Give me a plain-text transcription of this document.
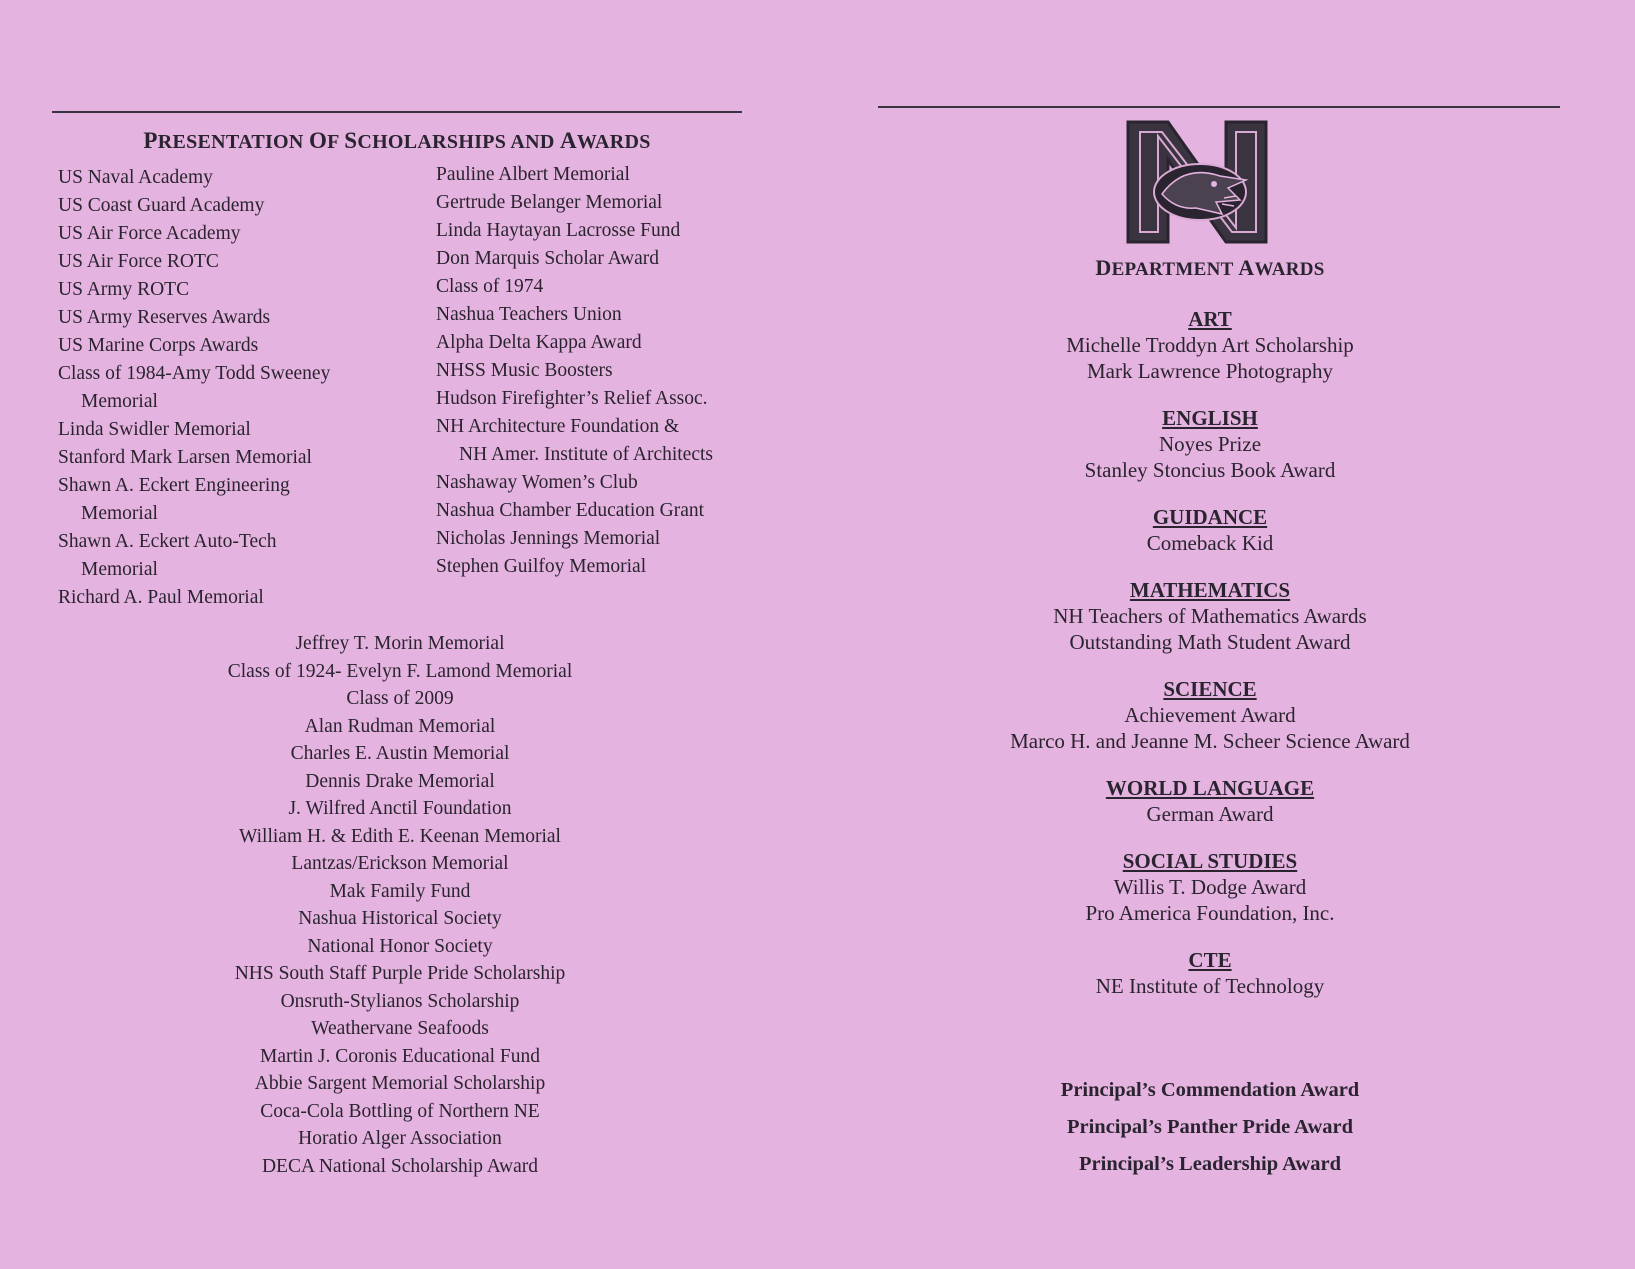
PRESENTATION OF SCHOLARSHIPS AND AWARDS
US Naval Academy
US Coast Guard Academy
US Air Force Academy
US Air Force ROTC
US Army ROTC
US Army Reserves Awards
US Marine Corps Awards
Class of 1984-Amy Todd Sweeney
Memorial
Linda Swidler Memorial
Stanford Mark Larsen Memorial
Shawn A. Eckert Engineering
Memorial
Shawn A. Eckert Auto-Tech
Memorial
Richard A. Paul Memorial
Pauline Albert Memorial
Gertrude Belanger Memorial
Linda Haytayan Lacrosse Fund
Don Marquis Scholar Award
Class of 1974
Nashua Teachers Union
Alpha Delta Kappa Award
NHSS Music Boosters
Hudson Firefighter’s Relief Assoc.
NH Architecture Foundation &
NH Amer. Institute of Architects
Nashaway Women’s Club
Nashua Chamber Education Grant
Nicholas Jennings Memorial
Stephen Guilfoy Memorial
Jeffrey T. Morin Memorial
Class of 1924- Evelyn F. Lamond Memorial
Class of 2009
Alan Rudman Memorial
Charles E. Austin Memorial
Dennis Drake Memorial
J. Wilfred Anctil Foundation
William H. & Edith E. Keenan Memorial
Lantzas/Erickson Memorial
Mak Family Fund
Nashua Historical Society
National Honor Society
NHS South Staff Purple Pride Scholarship
Onsruth-Stylianos Scholarship
Weathervane Seafoods
Martin J. Coronis Educational Fund
Abbie Sargent Memorial Scholarship
Coca-Cola Bottling of Northern NE
Horatio Alger Association
DECA National Scholarship Award
DEPARTMENT AWARDS
ART
Michelle Troddyn Art Scholarship
Mark Lawrence Photography
ENGLISH
Noyes Prize
Stanley Stoncius Book Award
GUIDANCE
Comeback Kid
MATHEMATICS
NH Teachers of Mathematics Awards
Outstanding Math Student Award
SCIENCE
Achievement Award
Marco H. and Jeanne M. Scheer Science Award
WORLD LANGUAGE
German Award
SOCIAL STUDIES
Willis T. Dodge Award
Pro America Foundation, Inc.
CTE
NE Institute of Technology
Principal’s Commendation Award
Principal’s Panther Pride Award
Principal’s Leadership Award
